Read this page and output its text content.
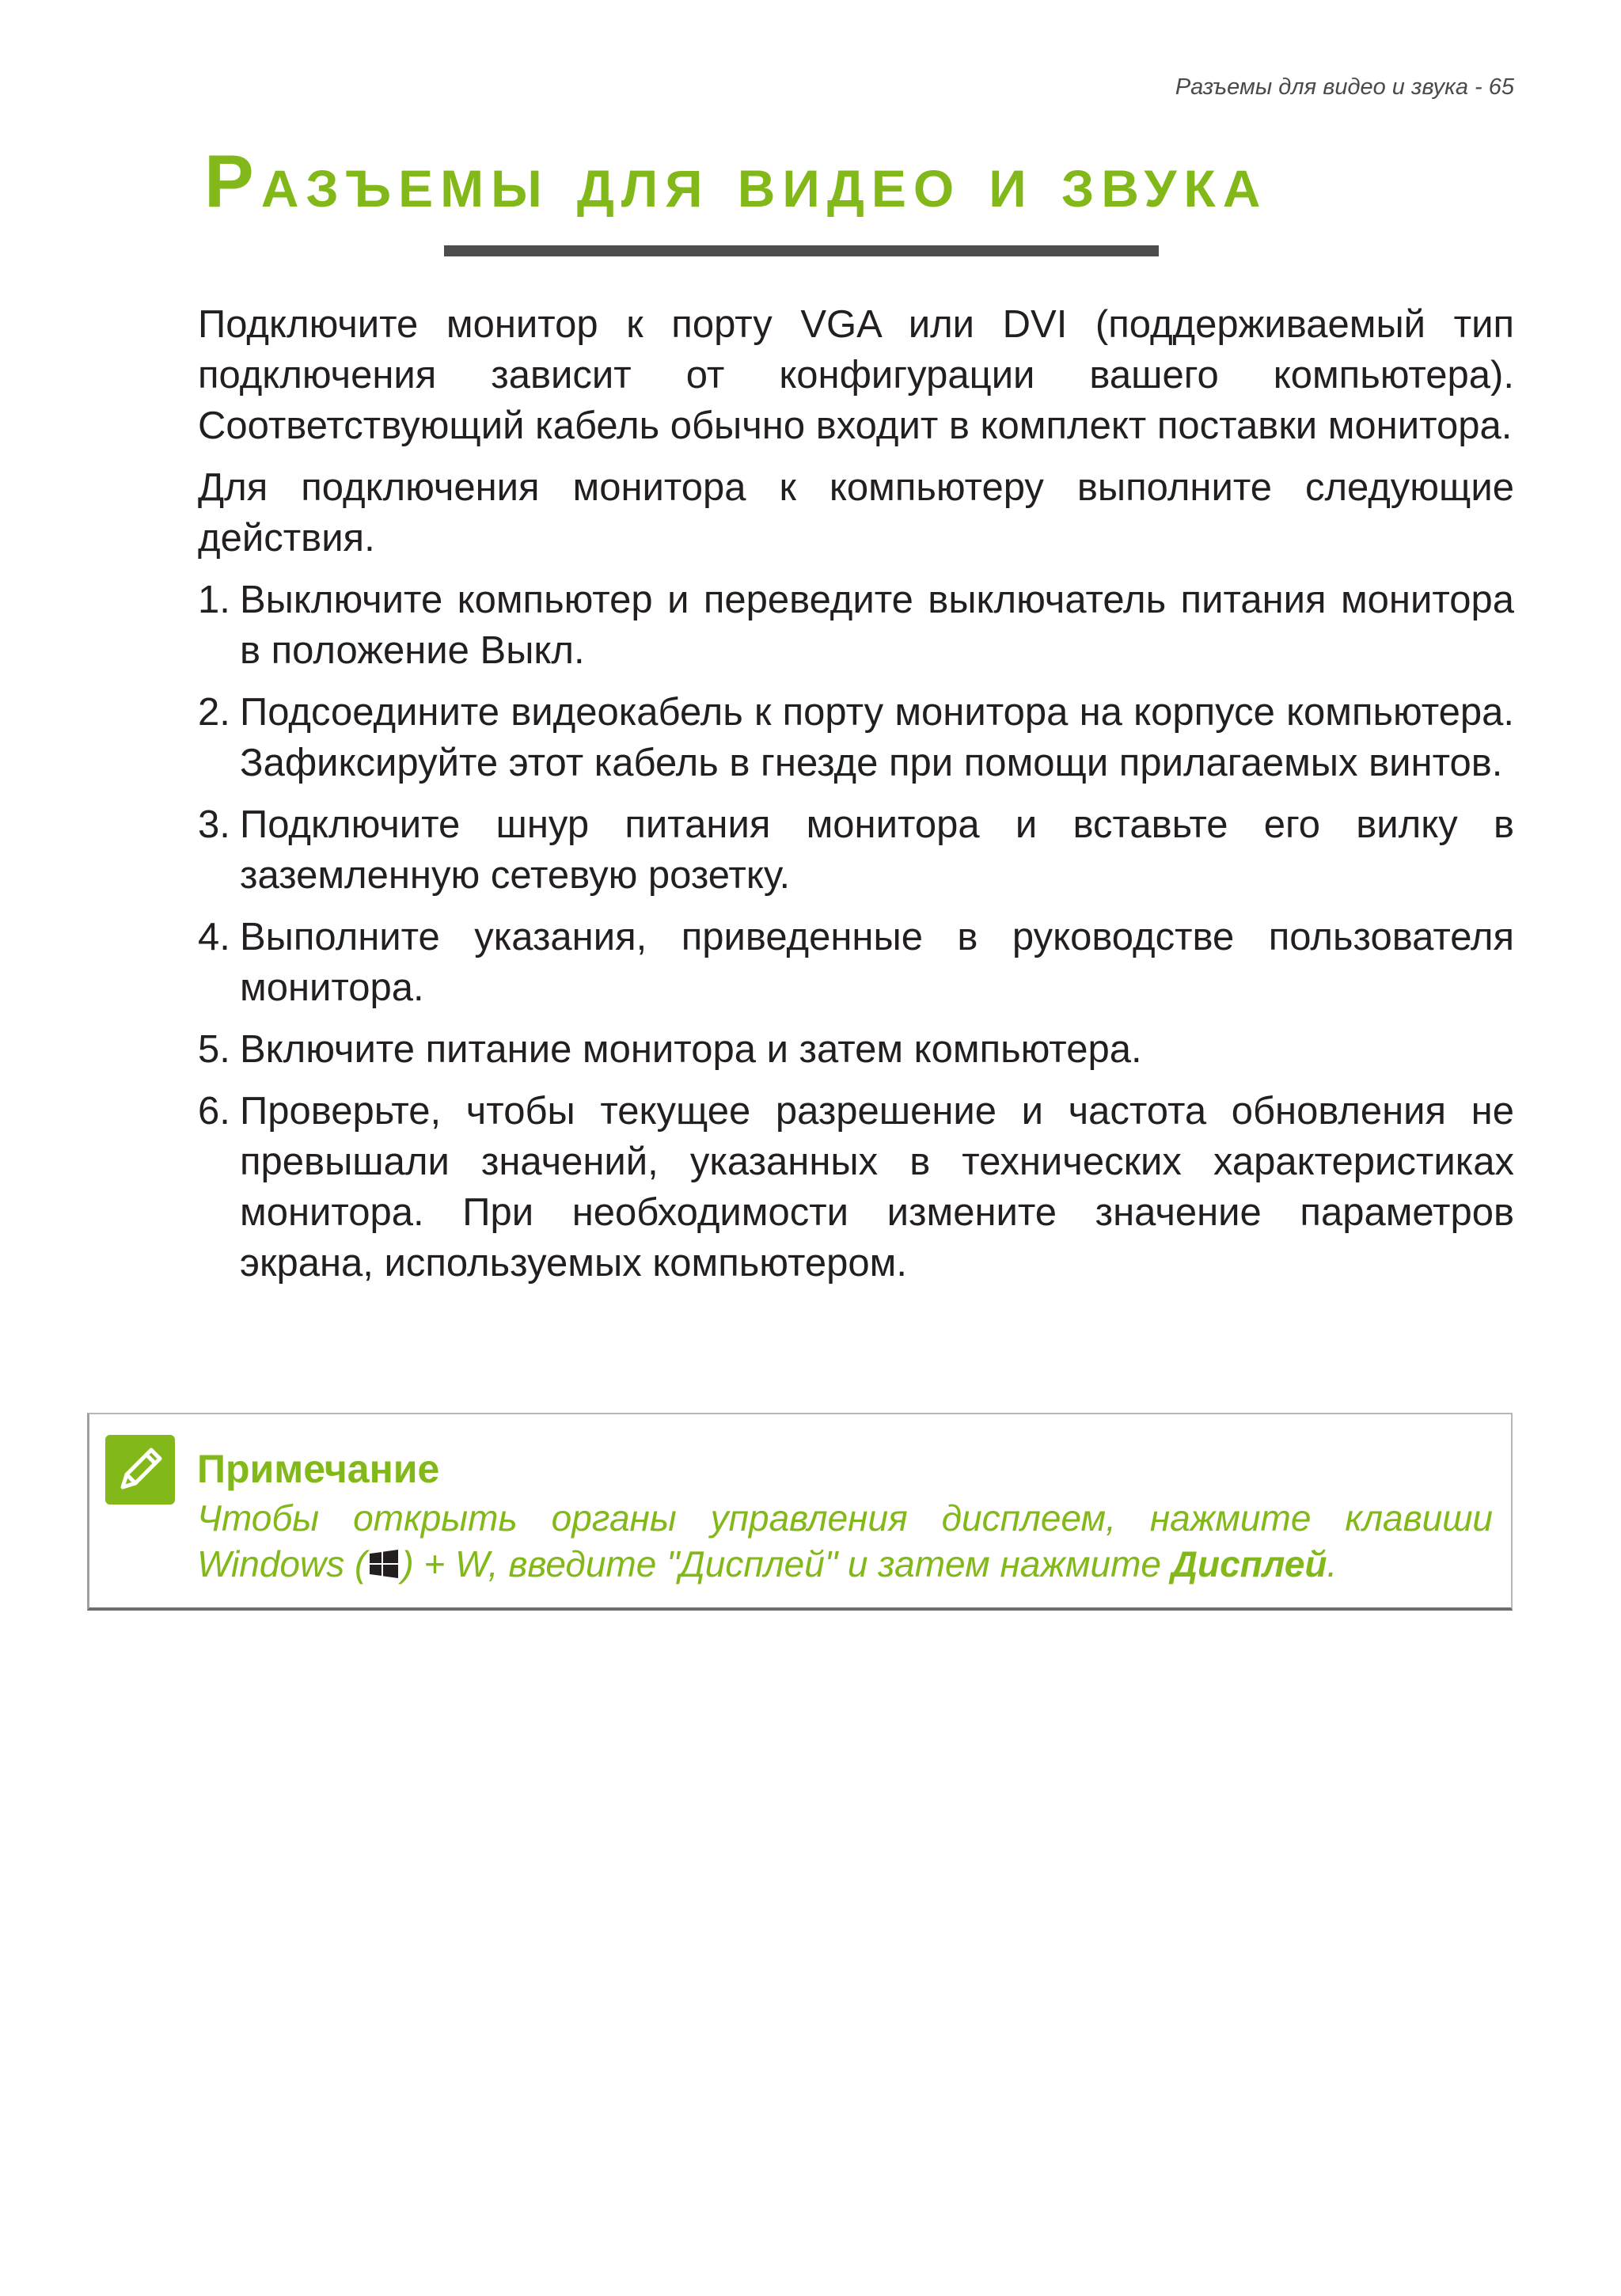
Разъемы для видео и звука - 65
Разъемы для видео и звука

Подключите монитор к порту VGA или DVI (поддерживаемый тип подключения зависит от конфигурации вашего компьютера). Соответствующий кабель обычно входит в комплект поставки монитора.

Для подключения монитора к компьютеру выполните следующие действия.

1. Выключите компьютер и переведите выключатель питания монитора в положение Выкл.
2. Подсоедините видеокабель к порту монитора на корпусе компьютера. Зафиксируйте этот кабель в гнезде при помощи прилагаемых винтов.
3. Подключите шнур питания монитора и вставьте его вилку в заземленную сетевую розетку.
4. Выполните указания, приведенные в руководстве пользователя монитора.
5. Включите питание монитора и затем компьютера.
6. Проверьте, чтобы текущее разрешение и частота обновления не превышали значений, указанных в технических характеристиках монитора. При необходимости измените значение параметров экрана, используемых компьютером.
Примечание
Чтобы открыть органы управления дисплеем, нажмите клавиши Windows ( ) + W, введите "Дисплей" и затем нажмите Дисплей.
